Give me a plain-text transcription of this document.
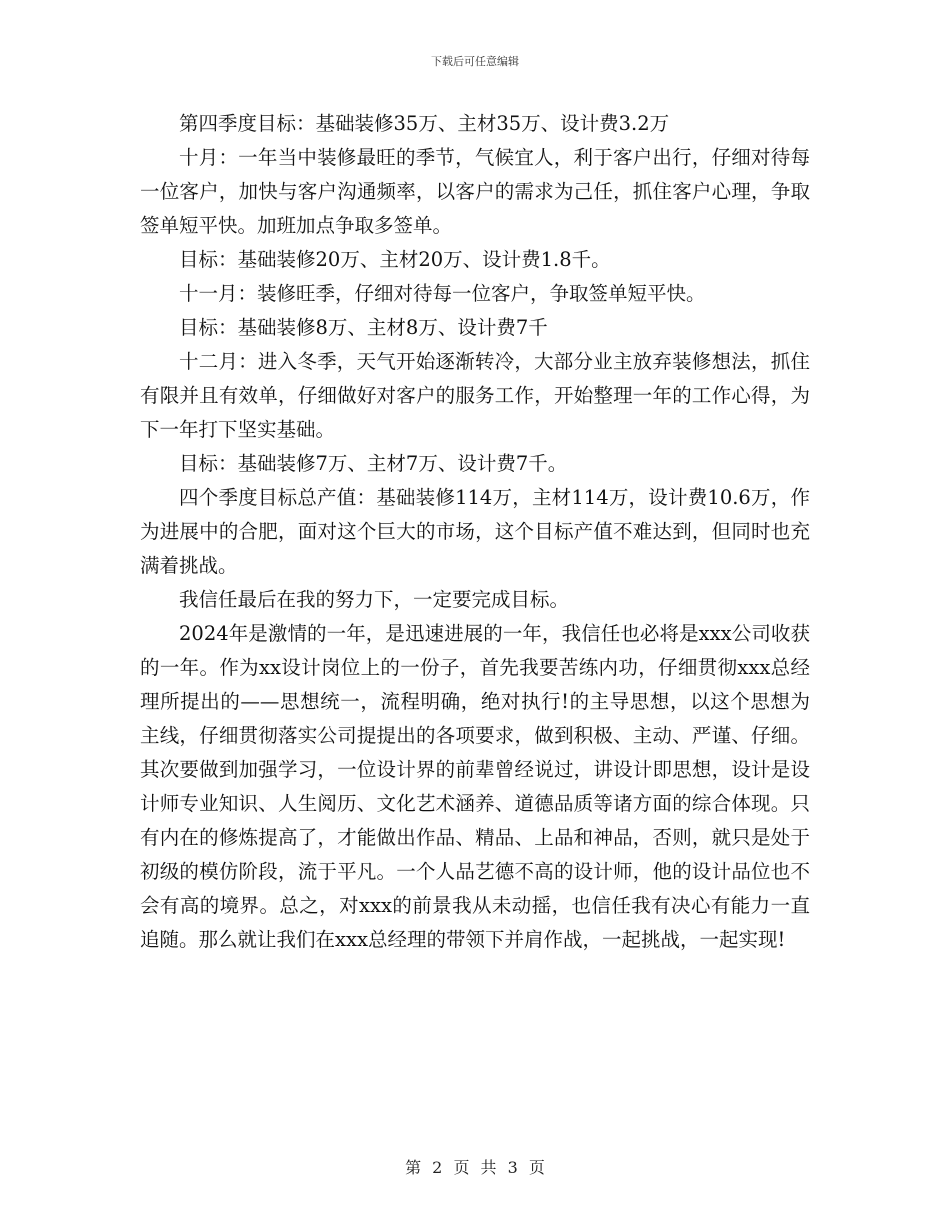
下载后可任意编辑

第四季度目标：基础装修35万、主材35万、设计费3.2万

十月：一年当中装修最旺的季节，气候宜人，利于客户出行，仔细对待每一位客户，加快与客户沟通频率，以客户的需求为己任，抓住客户心理，争取签单短平快。加班加点争取多签单。

目标：基础装修20万、主材20万、设计费1.8千。

十一月：装修旺季，仔细对待每一位客户，争取签单短平快。

目标：基础装修8万、主材8万、设计费7千

十二月：进入冬季，天气开始逐渐转冷，大部分业主放弃装修想法，抓住有限并且有效单，仔细做好对客户的服务工作，开始整理一年的工作心得，为下一年打下坚实基础。

目标：基础装修7万、主材7万、设计费7千。

四个季度目标总产值：基础装修114万，主材114万，设计费10.6万，作为进展中的合肥，面对这个巨大的市场，这个目标产值不难达到，但同时也充满着挑战。

我信任最后在我的努力下，一定要完成目标。

2024年是激情的一年，是迅速进展的一年，我信任也必将是xxx公司收获的一年。作为xx设计岗位上的一份子，首先我要苦练内功，仔细贯彻xxx总经理所提出的——思想统一，流程明确，绝对执行!的主导思想，以这个思想为主线，仔细贯彻落实公司提提出的各项要求，做到积极、主动、严谨、仔细。其次要做到加强学习，一位设计界的前辈曾经说过，讲设计即思想，设计是设计师专业知识、人生阅历、文化艺术涵养、道德品质等诸方面的综合体现。只有内在的修炼提高了，才能做出作品、精品、上品和神品，否则，就只是处于初级的模仿阶段，流于平凡。一个人品艺德不高的设计师，他的设计品位也不会有高的境界。总之，对xxx的前景我从未动摇，也信任我有决心有能力一直追随。那么就让我们在xxx总经理的带领下并肩作战，一起挑战，一起实现!

第 2 页 共 3 页
